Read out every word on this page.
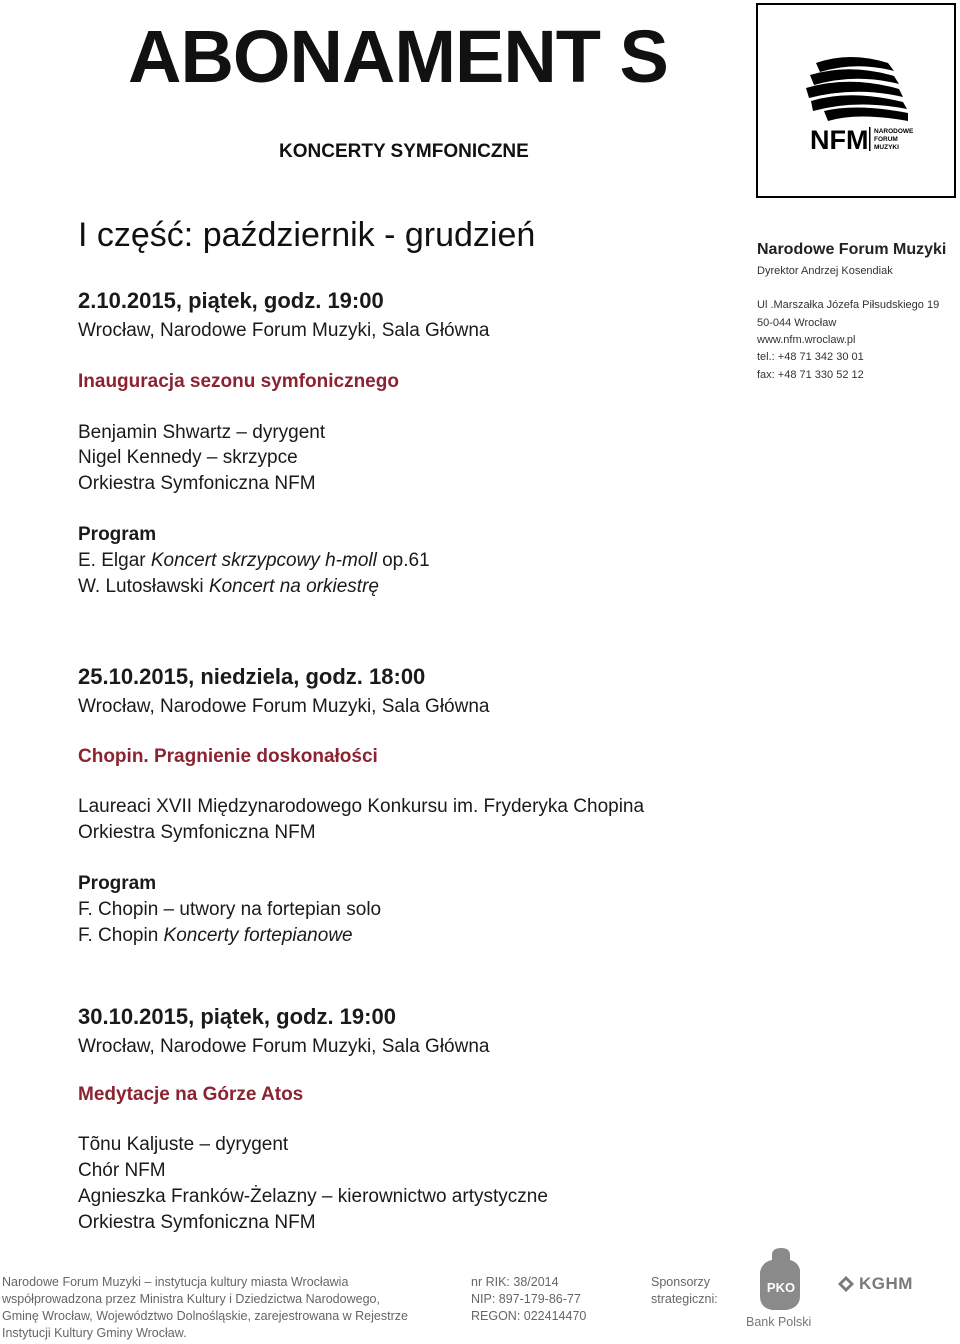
ABONAMENT S
KONCERTY SYMFONICZNE
I część: październik - grudzień
NFM NARODOWE
FORUM
MUZYKI
Narodowe Forum Muzyki
Dyrektor Andrzej Kosendiak
Ul .Marszałka Józefa Piłsudskiego 19
50-044 Wrocław
www.nfm.wroclaw.pl
tel.: +48 71 342 30 01
fax: +48 71 330 52 12
2.10.2015, piątek, godz. 19:00
Wrocław, Narodowe Forum Muzyki, Sala Główna
Inauguracja sezonu symfonicznego
Benjamin Shwartz – dyrygent
Nigel Kennedy – skrzypce
Orkiestra Symfoniczna NFM
Program
E. Elgar Koncert skrzypcowy h-moll op.61
W. Lutosławski Koncert na orkiestrę
25.10.2015, niedziela, godz. 18:00
Wrocław, Narodowe Forum Muzyki, Sala Główna
Chopin. Pragnienie doskonałości
Laureaci XVII Międzynarodowego Konkursu im. Fryderyka Chopina
Orkiestra Symfoniczna NFM
Program
F. Chopin – utwory na fortepian solo
F. Chopin Koncerty fortepianowe
30.10.2015, piątek, godz. 19:00
Wrocław, Narodowe Forum Muzyki, Sala Główna
Medytacje na Górze Atos
Tõnu Kaljuste – dyrygent
Chór NFM
Agnieszka Franków-Żelazny – kierownictwo artystyczne
Orkiestra Symfoniczna NFM
Narodowe Forum Muzyki – instytucja kultury miasta Wrocławia
współprowadzona przez Ministra Kultury i Dziedzictwa Narodowego,
Gminę Wrocław, Województwo Dolnośląskie, zarejestrowana w Rejestrze
Instytucji Kultury Gminy Wrocław.
nr RIK: 38/2014
NIP: 897-179-86-77
REGON: 022414470
Sponsorzy
strategiczni:
PKO
Bank Polski
KGHM
